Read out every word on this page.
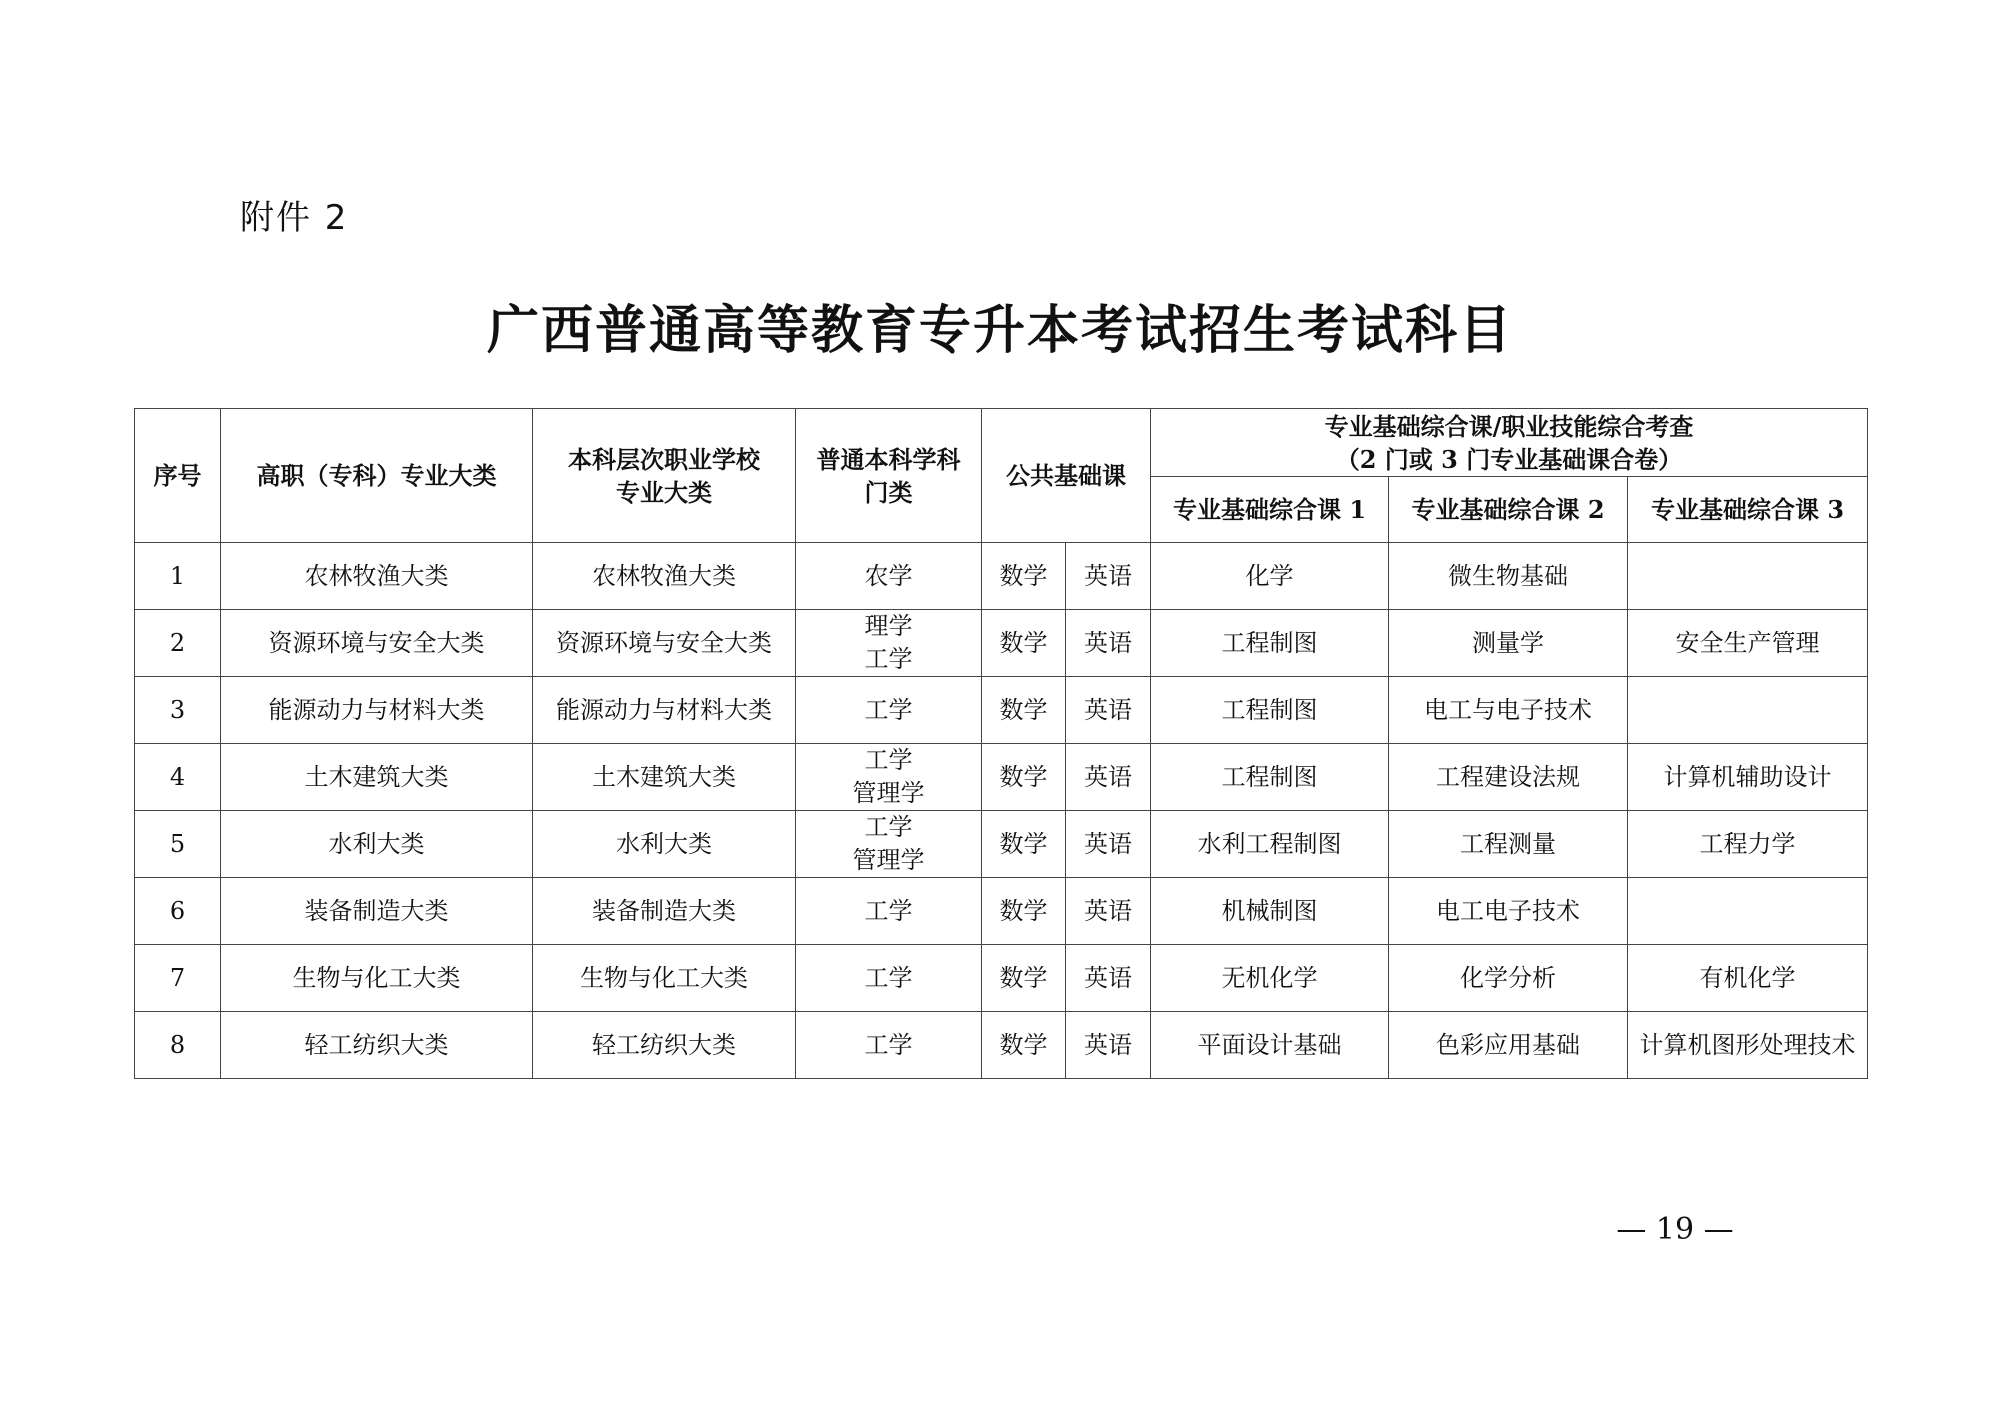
附件 2
广西普通高等教育专升本考试招生考试科目
序号	高职（专科）专业大类	本科层次职业学校
专业大类	普通本科学科
门类	公共基础课		专业基础综合课/职业技能综合考查
（2 门或 3 门专业基础课合卷）		

						专业基础综合课 1	专业基础综合课 2	专业基础综合课 3
1	农林牧渔大类	农林牧渔大类	农学	数学	英语	化学	微生物基础	
2	资源环境与安全大类	资源环境与安全大类	理学
工学	数学	英语	工程制图	测量学	安全生产管理
3	能源动力与材料大类	能源动力与材料大类	工学	数学	英语	工程制图	电工与电子技术	
4	土木建筑大类	土木建筑大类	工学
管理学	数学	英语	工程制图	工程建设法规	计算机辅助设计
5	水利大类	水利大类	工学
管理学	数学	英语	水利工程制图	工程测量	工程力学
6	装备制造大类	装备制造大类	工学	数学	英语	机械制图	电工电子技术	
7	生物与化工大类	生物与化工大类	工学	数学	英语	无机化学	化学分析	有机化学
8	轻工纺织大类	轻工纺织大类	工学	数学	英语	平面设计基础	色彩应用基础	计算机图形处理技术
— 19 —
